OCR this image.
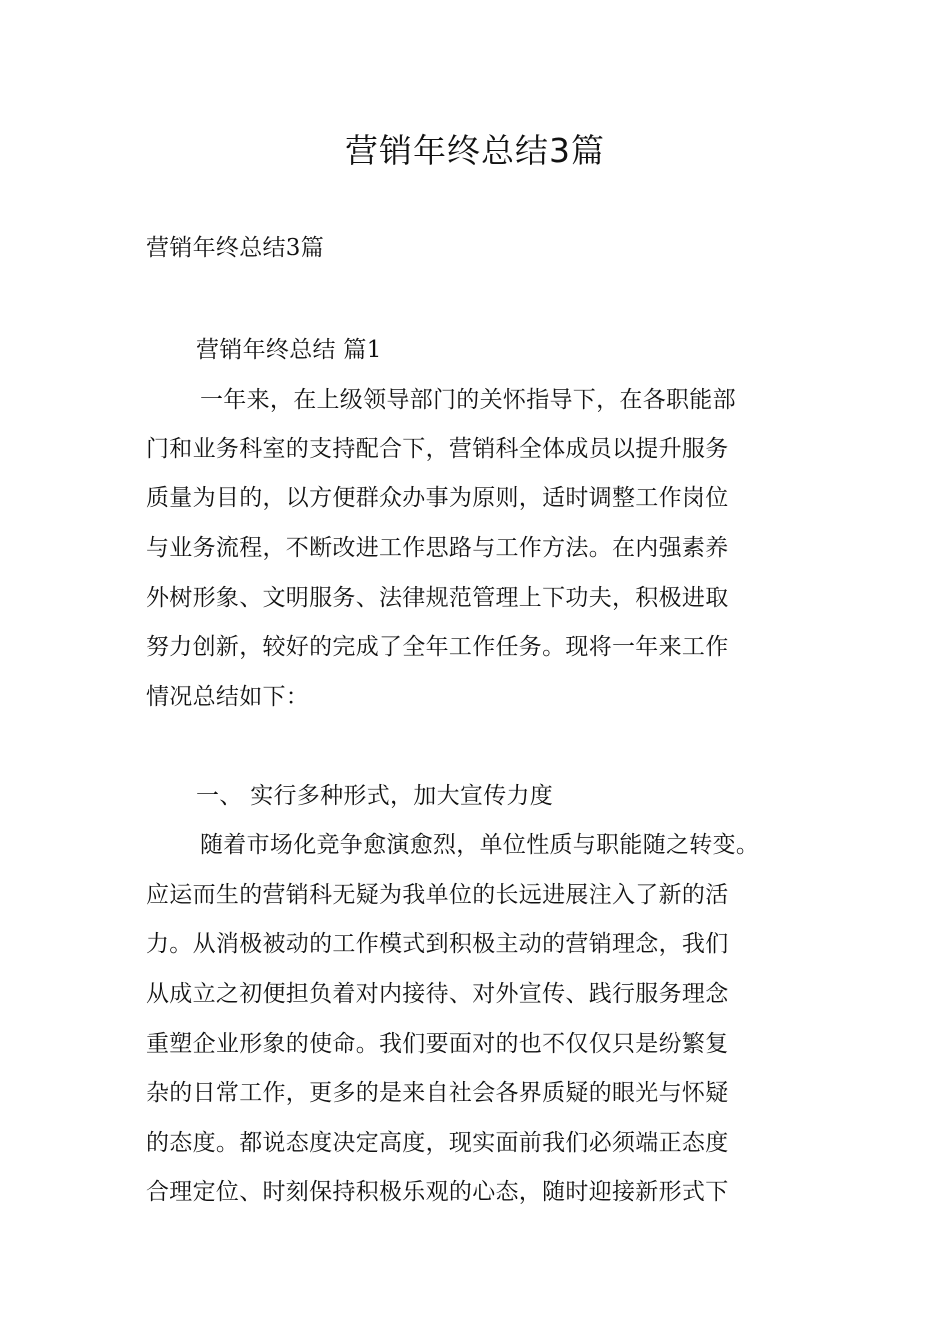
营销年终总结3篇
营销年终总结3篇
营销年终总结 篇1
一年来，在上级领导部门的关怀指导下，在各职能部
门和业务科室的支持配合下，营销科全体成员以提升服务
质量为目的，以方便群众办事为原则，适时调整工作岗位
与业务流程，不断改进工作思路与工作方法。在内强素养
外树形象、文明服务、法律规范管理上下功夫，积极进取
努力创新，较好的完成了全年工作任务。现将一年来工作
情况总结如下：
一、 实行多种形式，加大宣传力度
随着市场化竞争愈演愈烈，单位性质与职能随之转变。
应运而生的营销科无疑为我单位的长远进展注入了新的活
力。从消极被动的工作模式到积极主动的营销理念，我们
从成立之初便担负着对内接待、对外宣传、践行服务理念
重塑企业形象的使命。我们要面对的也不仅仅只是纷繁复
杂的日常工作，更多的是来自社会各界质疑的眼光与怀疑
的态度。都说态度决定高度，现实面前我们必须端正态度
合理定位、时刻保持积极乐观的心态，随时迎接新形式下
